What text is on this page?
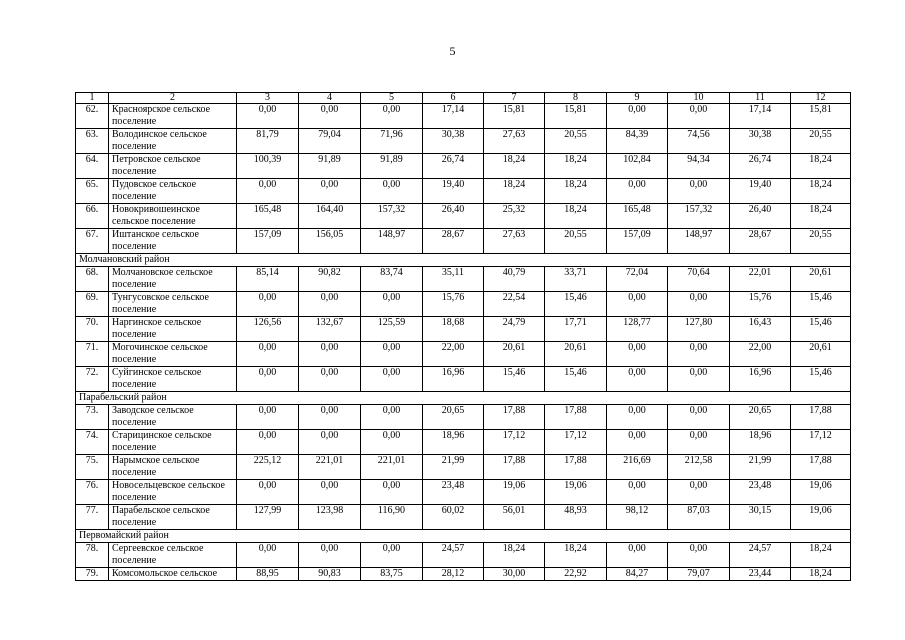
5
1	2	3	4	5	6	7	8	9	10	11	12
62.	Красноярское сельское поселение	0,00	0,00	0,00	17,14	15,81	15,81	0,00	0,00	17,14	15,81
63.	Володинское сельское поселение	81,79	79,04	71,96	30,38	27,63	20,55	84,39	74,56	30,38	20,55
64.	Петровское сельское поселение	100,39	91,89	91,89	26,74	18,24	18,24	102,84	94,34	26,74	18,24
65.	Пудовское сельское поселение	0,00	0,00	0,00	19,40	18,24	18,24	0,00	0,00	19,40	18,24
66.	Новокривошеинское сельское поселение	165,48	164,40	157,32	26,40	25,32	18,24	165,48	157,32	26,40	18,24
67.	Иштанское сельское поселение	157,09	156,05	148,97	28,67	27,63	20,55	157,09	148,97	28,67	20,55
Молчановский район											
68.	Молчановское сельское поселение	85,14	90,82	83,74	35,11	40,79	33,71	72,04	70,64	22,01	20,61
69.	Тунгусовское сельское поселение	0,00	0,00	0,00	15,76	22,54	15,46	0,00	0,00	15,76	15,46
70.	Наргинское сельское поселение	126,56	132,67	125,59	18,68	24,79	17,71	128,77	127,80	16,43	15,46
71.	Могочинское сельское поселение	0,00	0,00	0,00	22,00	20,61	20,61	0,00	0,00	22,00	20,61
72.	Суйгинское сельское поселение	0,00	0,00	0,00	16,96	15,46	15,46	0,00	0,00	16,96	15,46
Парабельский район											
73.	Заводское сельское поселение	0,00	0,00	0,00	20,65	17,88	17,88	0,00	0,00	20,65	17,88
74.	Старицинское сельское поселение	0,00	0,00	0,00	18,96	17,12	17,12	0,00	0,00	18,96	17,12
75.	Нарымское сельское поселение	225,12	221,01	221,01	21,99	17,88	17,88	216,69	212,58	21,99	17,88
76.	Новосельцевское сельское поселение	0,00	0,00	0,00	23,48	19,06	19,06	0,00	0,00	23,48	19,06
77.	Парабельское сельское поселение	127,99	123,98	116,90	60,02	56,01	48,93	98,12	87,03	30,15	19,06
Первомайский район											
78.	Сергеевское сельское поселение	0,00	0,00	0,00	24,57	18,24	18,24	0,00	0,00	24,57	18,24
79.	Комсомольское сельское	88,95	90,83	83,75	28,12	30,00	22,92	84,27	79,07	23,44	18,24
